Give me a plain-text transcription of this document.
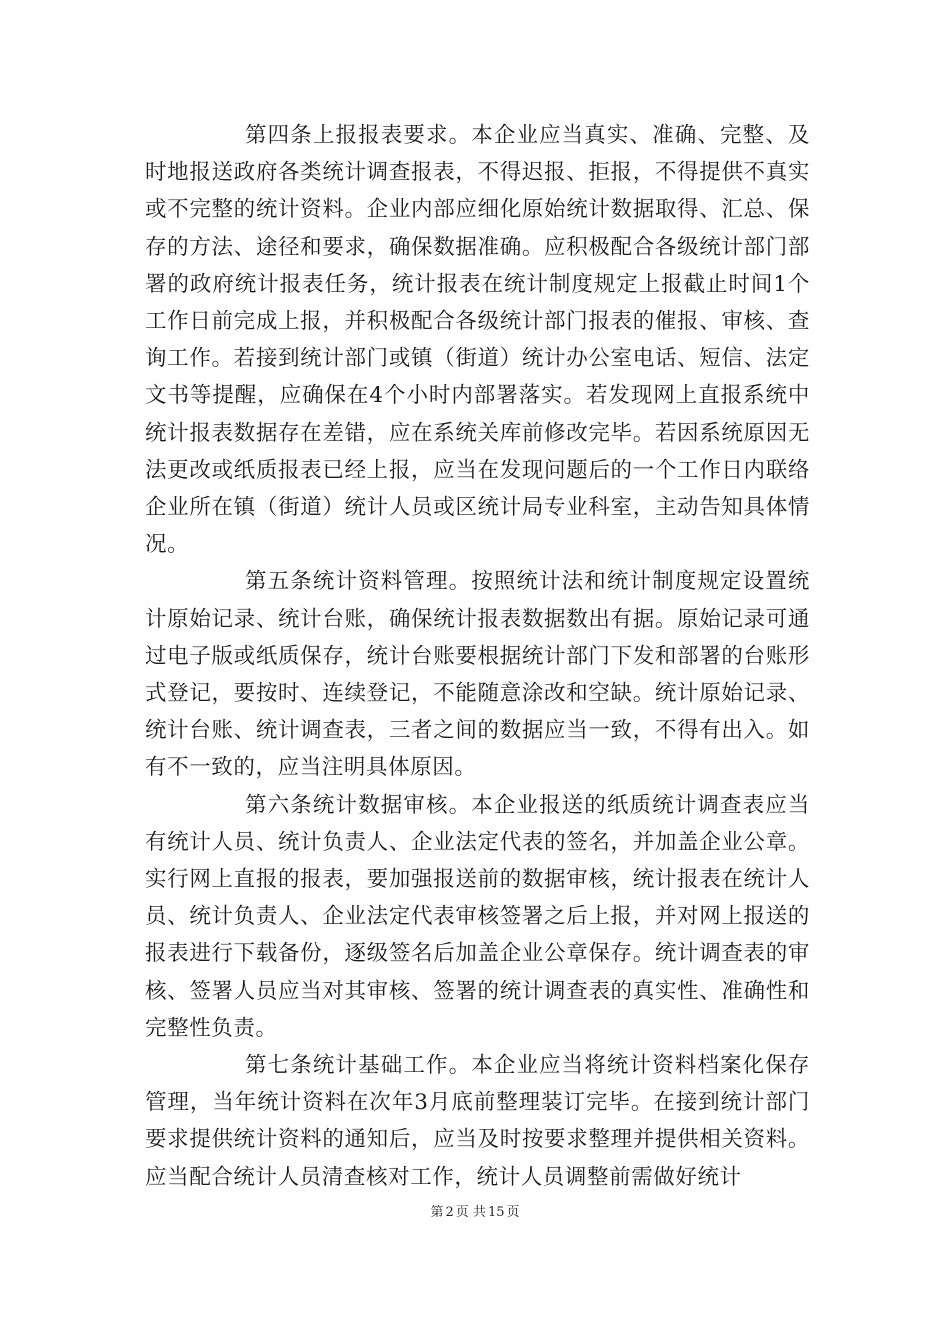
第四条上报报表要求。本企业应当真实、准确、完整、及时地报送政府各类统计调查报表，不得迟报、拒报，不得提供不真实或不完整的统计资料。企业内部应细化原始统计数据取得、汇总、保存的方法、途径和要求，确保数据准确。应积极配合各级统计部门部署的政府统计报表任务，统计报表在统计制度规定上报截止时间1个工作日前完成上报，并积极配合各级统计部门报表的催报、审核、查询工作。若接到统计部门或镇（街道）统计办公室电话、短信、法定文书等提醒，应确保在4个小时内部署落实。若发现网上直报系统中统计报表数据存在差错，应在系统关库前修改完毕。若因系统原因无法更改或纸质报表已经上报，应当在发现问题后的一个工作日内联络企业所在镇（街道）统计人员或区统计局专业科室，主动告知具体情况。

第五条统计资料管理。按照统计法和统计制度规定设置统计原始记录、统计台账，确保统计报表数据数出有据。原始记录可通过电子版或纸质保存，统计台账要根据统计部门下发和部署的台账形式登记，要按时、连续登记，不能随意涂改和空缺。统计原始记录、统计台账、统计调查表，三者之间的数据应当一致，不得有出入。如有不一致的，应当注明具体原因。

第六条统计数据审核。本企业报送的纸质统计调查表应当有统计人员、统计负责人、企业法定代表的签名，并加盖企业公章。实行网上直报的报表，要加强报送前的数据审核，统计报表在统计人员、统计负责人、企业法定代表审核签署之后上报，并对网上报送的报表进行下载备份，逐级签名后加盖企业公章保存。统计调查表的审核、签署人员应当对其审核、签署的统计调查表的真实性、准确性和完整性负责。

第七条统计基础工作。本企业应当将统计资料档案化保存管理，当年统计资料在次年3月底前整理装订完毕。在接到统计部门要求提供统计资料的通知后，应当及时按要求整理并提供相关资料。应当配合统计人员清查核对工作，统计人员调整前需做好统计

第 2 页 共 15 页
